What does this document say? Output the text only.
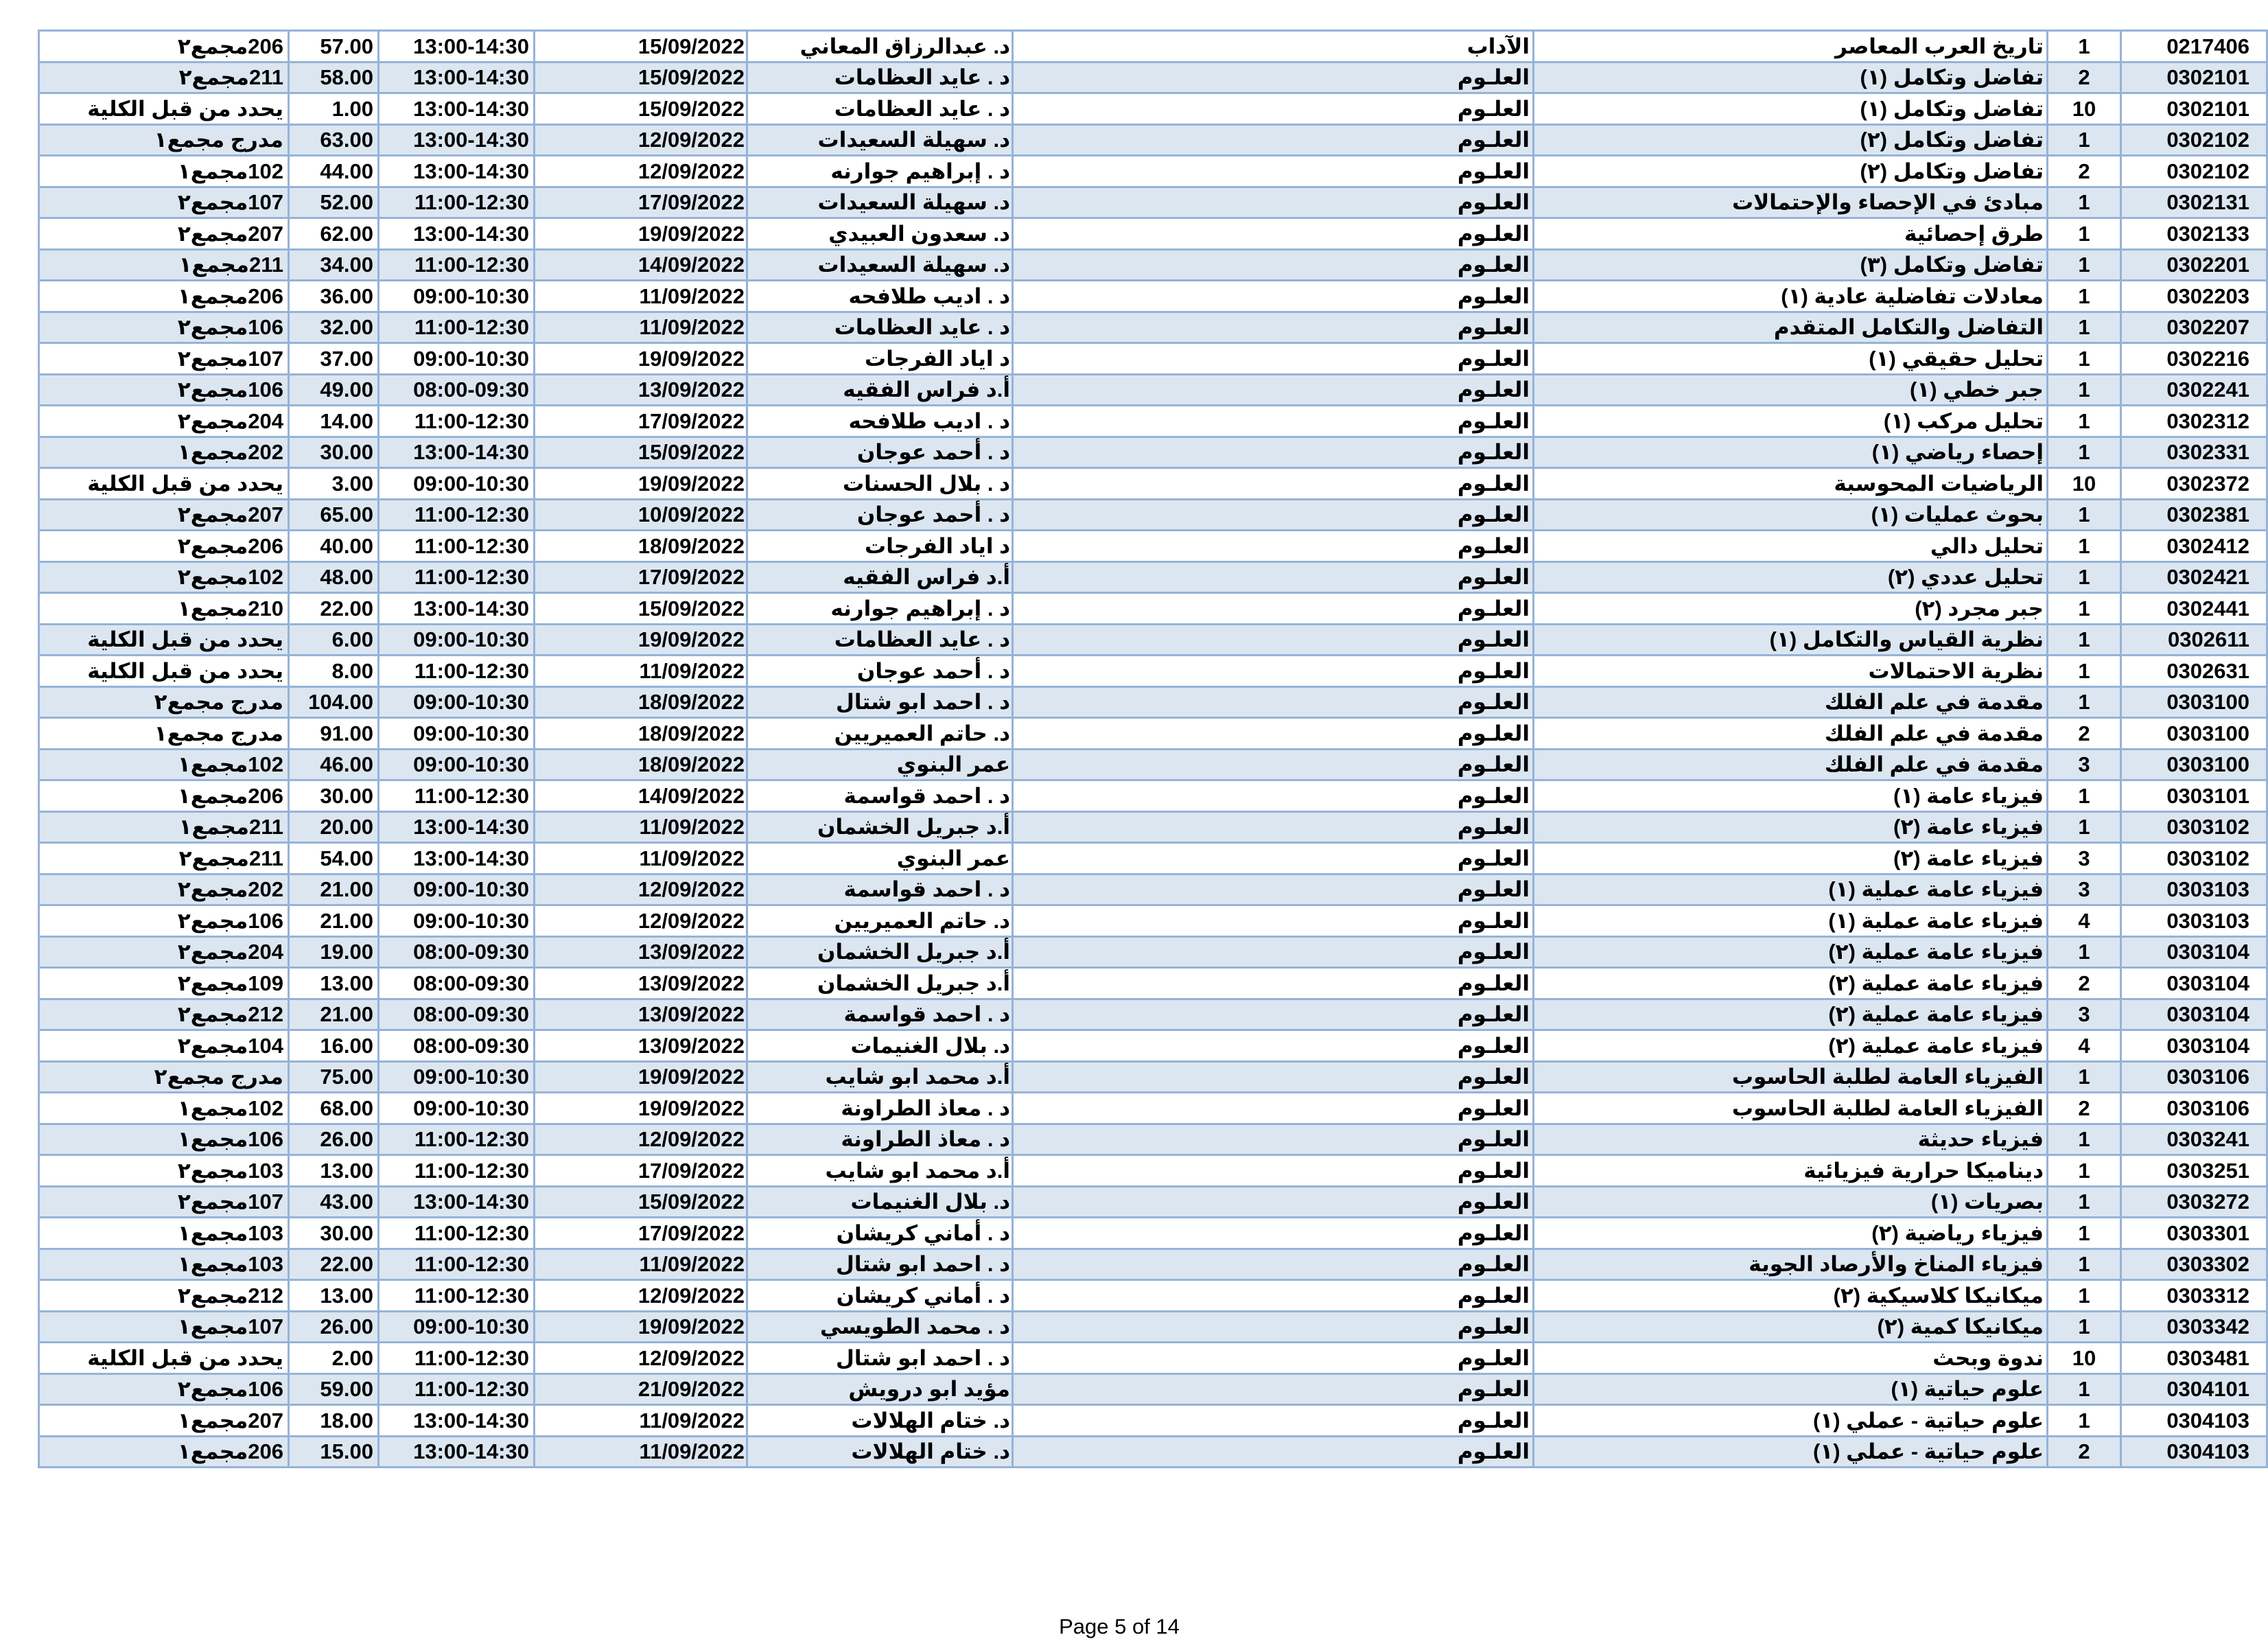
206مجمع٢	57.00	13:00-14:30	15/09/2022	د. عبدالرزاق المعاني	الآداب	تاريخ العرب المعاصر	1	0217406
211مجمع٢	58.00	13:00-14:30	15/09/2022	د . عايد العظامات	العلـوم	تفاضل وتكامل (١)	2	0302101
يحدد من قبل الكلية	1.00	13:00-14:30	15/09/2022	د . عايد العظامات	العلـوم	تفاضل وتكامل (١)	10	0302101
مدرج مجمع١	63.00	13:00-14:30	12/09/2022	د. سهيلة السعيدات	العلـوم	تفاضل وتكامل (٢)	1	0302102
102مجمع١	44.00	13:00-14:30	12/09/2022	د . إبراهيم جوارنه	العلـوم	تفاضل وتكامل (٢)	2	0302102
107مجمع٢	52.00	11:00-12:30	17/09/2022	د. سهيلة السعيدات	العلـوم	مبادئ في الإحصاء والإحتمالات	1	0302131
207مجمع٢	62.00	13:00-14:30	19/09/2022	د. سعدون العبيدي	العلـوم	طرق إحصائية	1	0302133
211مجمع١	34.00	11:00-12:30	14/09/2022	د. سهيلة السعيدات	العلـوم	تفاضل وتكامل (٣)	1	0302201
206مجمع١	36.00	09:00-10:30	11/09/2022	د . اديب طلافحه	العلـوم	معادلات تفاضلية عادية (١)	1	0302203
106مجمع٢	32.00	11:00-12:30	11/09/2022	د . عايد العظامات	العلـوم	التفاضل والتكامل المتقدم	1	0302207
107مجمع٢	37.00	09:00-10:30	19/09/2022	د اياد الفرجات	العلـوم	تحليل حقيقي (١)	1	0302216
106مجمع٢	49.00	08:00-09:30	13/09/2022	أ.د فراس الفقيه	العلـوم	جبر خطي (١)	1	0302241
204مجمع٢	14.00	11:00-12:30	17/09/2022	د . اديب طلافحه	العلـوم	تحليل مركب (١)	1	0302312
202مجمع١	30.00	13:00-14:30	15/09/2022	د . أحمد عوجان	العلـوم	إحصاء رياضي (١)	1	0302331
يحدد من قبل الكلية	3.00	09:00-10:30	19/09/2022	د . بلال الحسنات	العلـوم	الرياضيات المحوسبة	10	0302372
207مجمع٢	65.00	11:00-12:30	10/09/2022	د . أحمد عوجان	العلـوم	بحوث عمليات (١)	1	0302381
206مجمع٢	40.00	11:00-12:30	18/09/2022	د اياد الفرجات	العلـوم	تحليل دالي	1	0302412
102مجمع٢	48.00	11:00-12:30	17/09/2022	أ.د فراس الفقيه	العلـوم	تحليل عددي (٢)	1	0302421
210مجمع١	22.00	13:00-14:30	15/09/2022	د . إبراهيم جوارنه	العلـوم	جبر مجرد (٢)	1	0302441
يحدد من قبل الكلية	6.00	09:00-10:30	19/09/2022	د . عايد العظامات	العلـوم	نظرية القياس والتكامل (١)	1	0302611
يحدد من قبل الكلية	8.00	11:00-12:30	11/09/2022	د . أحمد عوجان	العلـوم	نظرية الاحتمالات	1	0302631
مدرج مجمع٢	104.00	09:00-10:30	18/09/2022	د . احمد ابو شتال	العلـوم	مقدمة في علم الفلك	1	0303100
مدرج مجمع١	91.00	09:00-10:30	18/09/2022	د. حاتم العميريين	العلـوم	مقدمة في علم الفلك	2	0303100
102مجمع١	46.00	09:00-10:30	18/09/2022	عمر البنوي	العلـوم	مقدمة في علم الفلك	3	0303100
206مجمع١	30.00	11:00-12:30	14/09/2022	د . احمد قواسمة	العلـوم	فيزياء عامة (١)	1	0303101
211مجمع١	20.00	13:00-14:30	11/09/2022	أ.د جبريل الخشمان	العلـوم	فيزياء عامة (٢)	1	0303102
211مجمع٢	54.00	13:00-14:30	11/09/2022	عمر البنوي	العلـوم	فيزياء عامة (٢)	3	0303102
202مجمع٢	21.00	09:00-10:30	12/09/2022	د . احمد قواسمة	العلـوم	فيزياء عامة عملية (١)	3	0303103
106مجمع٢	21.00	09:00-10:30	12/09/2022	د. حاتم العميريين	العلـوم	فيزياء عامة عملية (١)	4	0303103
204مجمع٢	19.00	08:00-09:30	13/09/2022	أ.د جبريل الخشمان	العلـوم	فيزياء عامة عملية (٢)	1	0303104
109مجمع٢	13.00	08:00-09:30	13/09/2022	أ.د جبريل الخشمان	العلـوم	فيزياء عامة عملية (٢)	2	0303104
212مجمع٢	21.00	08:00-09:30	13/09/2022	د . احمد قواسمة	العلـوم	فيزياء عامة عملية (٢)	3	0303104
104مجمع٢	16.00	08:00-09:30	13/09/2022	د. بلال الغنيمات	العلـوم	فيزياء عامة عملية (٢)	4	0303104
مدرج مجمع٢	75.00	09:00-10:30	19/09/2022	أ.د محمد ابو شايب	العلـوم	الفيزياء العامة لطلبة الحاسوب	1	0303106
102مجمع١	68.00	09:00-10:30	19/09/2022	د . معاذ الطراونة	العلـوم	الفيزياء العامة لطلبة الحاسوب	2	0303106
106مجمع١	26.00	11:00-12:30	12/09/2022	د . معاذ الطراونة	العلـوم	فيزياء حديثة	1	0303241
103مجمع٢	13.00	11:00-12:30	17/09/2022	أ.د محمد ابو شايب	العلـوم	ديناميكا حرارية فيزيائية	1	0303251
107مجمع٢	43.00	13:00-14:30	15/09/2022	د. بلال الغنيمات	العلـوم	بصريات (١)	1	0303272
103مجمع١	30.00	11:00-12:30	17/09/2022	د . أماني كريشان	العلـوم	فيزياء رياضية (٢)	1	0303301
103مجمع١	22.00	11:00-12:30	11/09/2022	د . احمد ابو شتال	العلـوم	فيزياء المناخ والأرصاد الجوية	1	0303302
212مجمع٢	13.00	11:00-12:30	12/09/2022	د . أماني كريشان	العلـوم	ميكانيكا كلاسيكية (٢)	1	0303312
107مجمع١	26.00	09:00-10:30	19/09/2022	د . محمد الطويسي	العلـوم	ميكانيكا كمية (٢)	1	0303342
يحدد من قبل الكلية	2.00	11:00-12:30	12/09/2022	د . احمد ابو شتال	العلـوم	ندوة وبحث	10	0303481
106مجمع٢	59.00	11:00-12:30	21/09/2022	مؤيد ابو درويش	العلـوم	علوم حياتية (١)	1	0304101
207مجمع١	18.00	13:00-14:30	11/09/2022	د. ختام الهلالات	العلـوم	علوم حياتية - عملي (١)	1	0304103
206مجمع١	15.00	13:00-14:30	11/09/2022	د. ختام الهلالات	العلـوم	علوم حياتية - عملي (١)	2	0304103
Page 5 of 14
